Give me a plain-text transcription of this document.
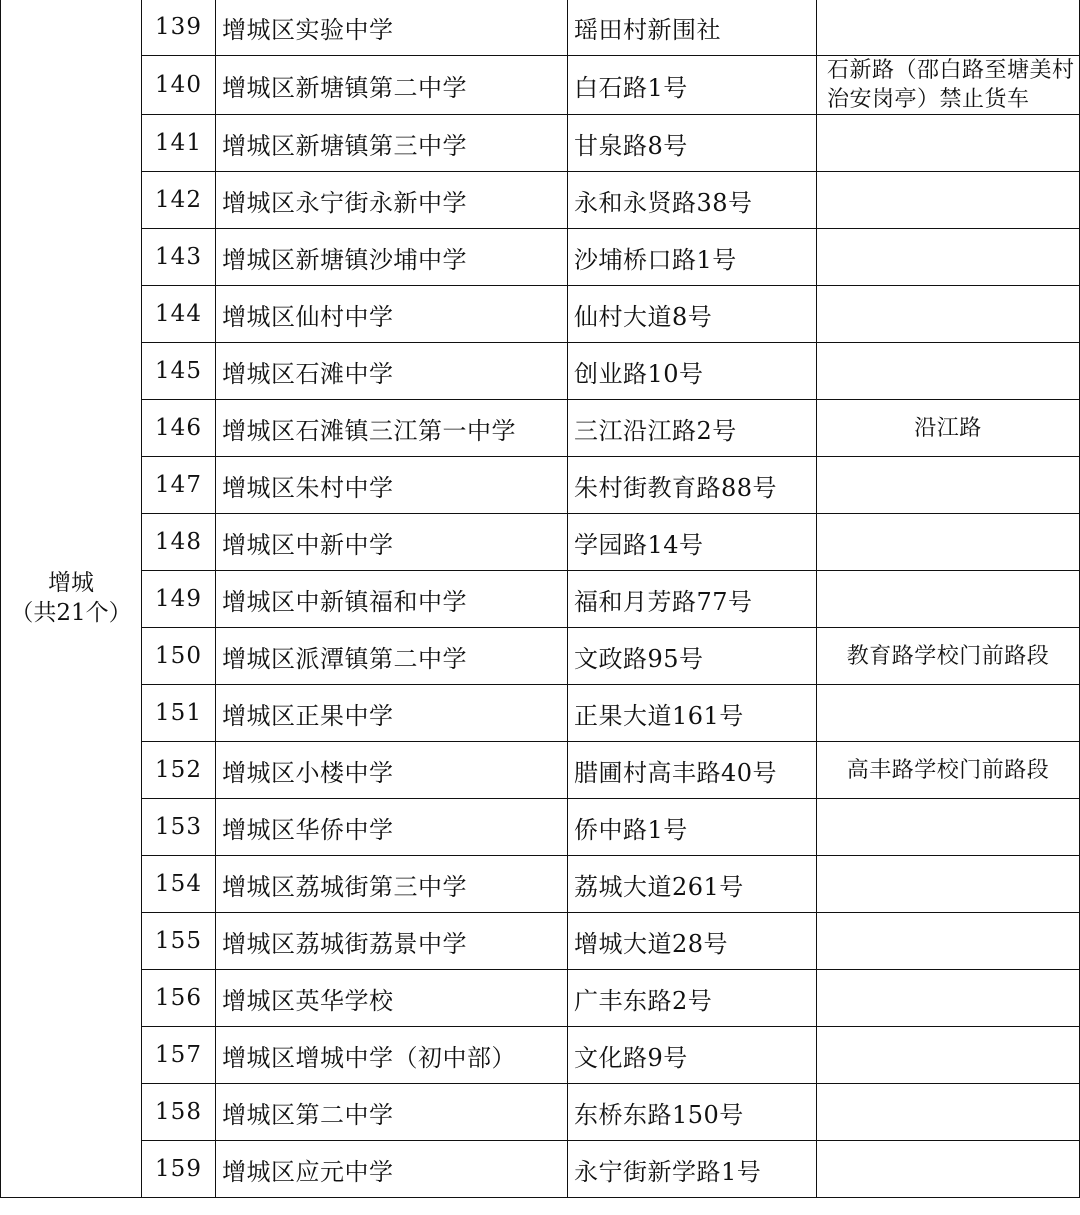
增城
（共21个）	139	增城区实验中学	瑶田村新围社	
	140	增城区新塘镇第二中学	白石路1号	石新路（邵白路至塘美村治安岗亭）禁止货车
	141	增城区新塘镇第三中学	甘泉路8号	
	142	增城区永宁街永新中学	永和永贤路38号	
	143	增城区新塘镇沙埔中学	沙埔桥口路1号	
	144	增城区仙村中学	仙村大道8号	
	145	增城区石滩中学	创业路10号	
	146	增城区石滩镇三江第一中学	三江沿江路2号	沿江路
	147	增城区朱村中学	朱村街教育路88号	
	148	增城区中新中学	学园路14号	
	149	增城区中新镇福和中学	福和月芳路77号	
	150	增城区派潭镇第二中学	文政路95号	教育路学校门前路段
	151	增城区正果中学	正果大道161号	
	152	增城区小楼中学	腊圃村高丰路40号	高丰路学校门前路段
	153	增城区华侨中学	侨中路1号	
	154	增城区荔城街第三中学	荔城大道261号	
	155	增城区荔城街荔景中学	增城大道28号	
	156	增城区英华学校	广丰东路2号	
	157	增城区增城中学（初中部）	文化路9号	
	158	增城区第二中学	东桥东路150号	
	159	增城区应元中学	永宁街新学路1号	
